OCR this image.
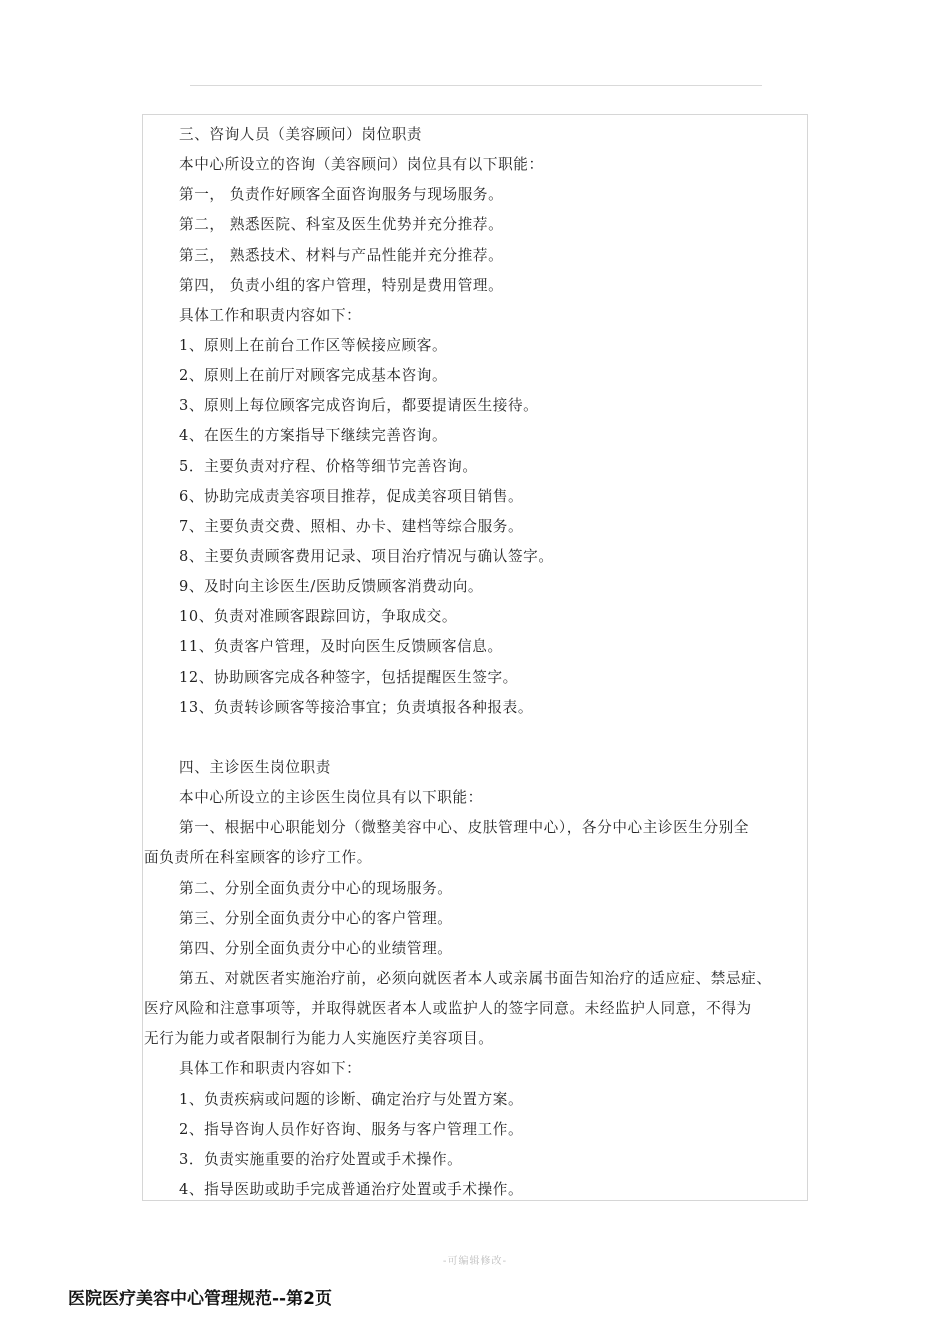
三、咨询人员（美容顾问）岗位职责
本中心所设立的咨询（美容顾问）岗位具有以下职能：
第一， 负责作好顾客全面咨询服务与现场服务。
第二， 熟悉医院、科室及医生优势并充分推荐。
第三， 熟悉技术、材料与产品性能并充分推荐。
第四， 负责小组的客户管理，特别是费用管理。
具体工作和职责内容如下：
1、原则上在前台工作区等候接应顾客。
2、原则上在前厅对顾客完成基本咨询。
3、原则上每位顾客完成咨询后，都要提请医生接待。
4、在医生的方案指导下继续完善咨询。
5．主要负责对疗程、价格等细节完善咨询。
6、协助完成责美容项目推荐，促成美容项目销售。
7、主要负责交费、照相、办卡、建档等综合服务。
8、主要负责顾客费用记录、项目治疗情况与确认签字。
9、及时向主诊医生/医助反馈顾客消费动向。
10、负责对准顾客跟踪回访，争取成交。
11、负责客户管理，及时向医生反馈顾客信息。
12、协助顾客完成各种签字，包括提醒医生签字。
13、负责转诊顾客等接洽事宜；负责填报各种报表。
四、主诊医生岗位职责
本中心所设立的主诊医生岗位具有以下职能：
第一、根据中心职能划分（微整美容中心、皮肤管理中心），各分中心主诊医生分别全
面负责所在科室顾客的诊疗工作。
第二、分别全面负责分中心的现场服务。
第三、分别全面负责分中心的客户管理。
第四、分别全面负责分中心的业绩管理。
第五、对就医者实施治疗前，必须向就医者本人或亲属书面告知治疗的适应症、禁忌症、
医疗风险和注意事项等，并取得就医者本人或监护人的签字同意。未经监护人同意，不得为
无行为能力或者限制行为能力人实施医疗美容项目。
具体工作和职责内容如下：
1、负责疾病或问题的诊断、确定治疗与处置方案。
2、指导咨询人员作好咨询、服务与客户管理工作。
3．负责实施重要的治疗处置或手术操作。
4、指导医助或助手完成普通治疗处置或手术操作。
-可编辑修改-
医院医疗美容中心管理规范--第2页
